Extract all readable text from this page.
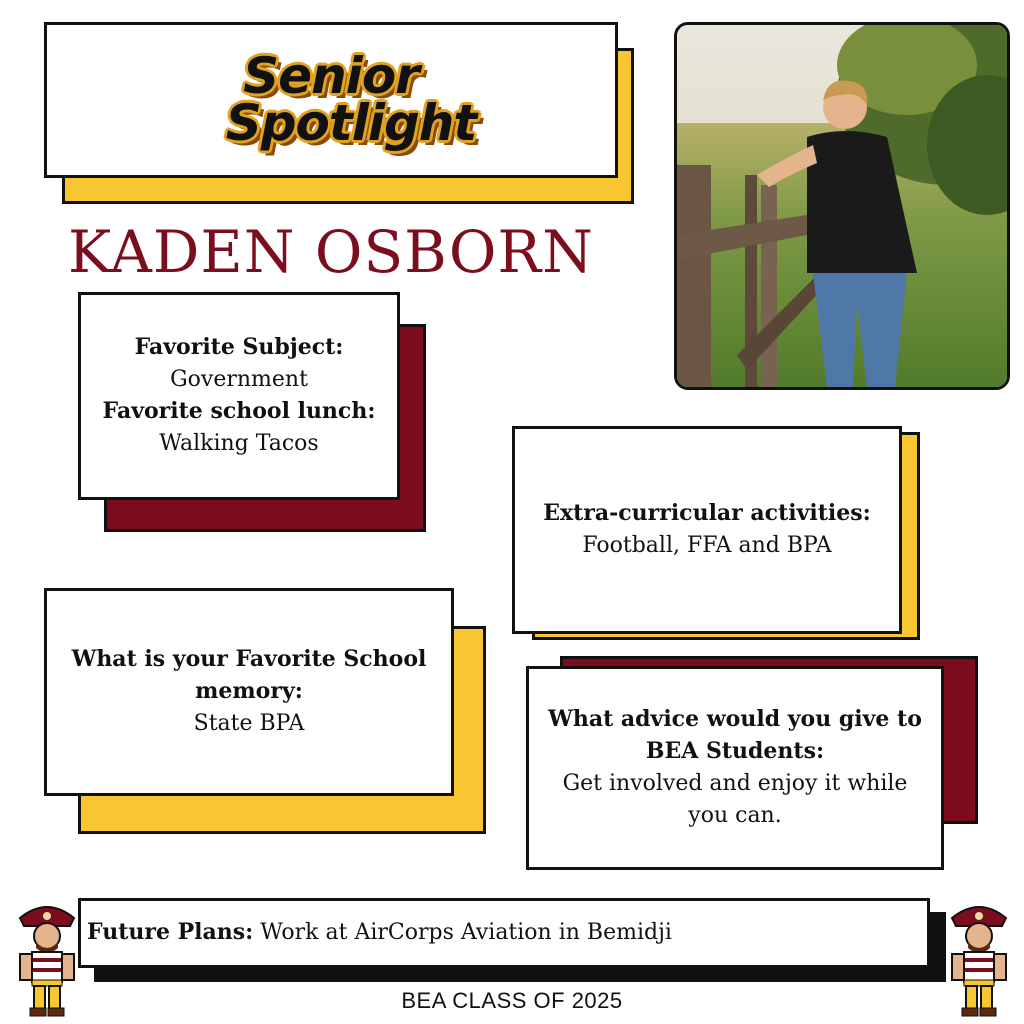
Senior
Spotlight
KADEN OSBORN
Favorite Subject:
Government
Favorite school lunch:
Walking Tacos
Extra-curricular activities:
Football, FFA and BPA
What is your Favorite School memory:
State BPA	What advice would you give to BEA Students:
Get involved and enjoy it while you can.
Future Plans: Work at AirCorps Aviation in Bemidji
BEA CLASS OF 2025
